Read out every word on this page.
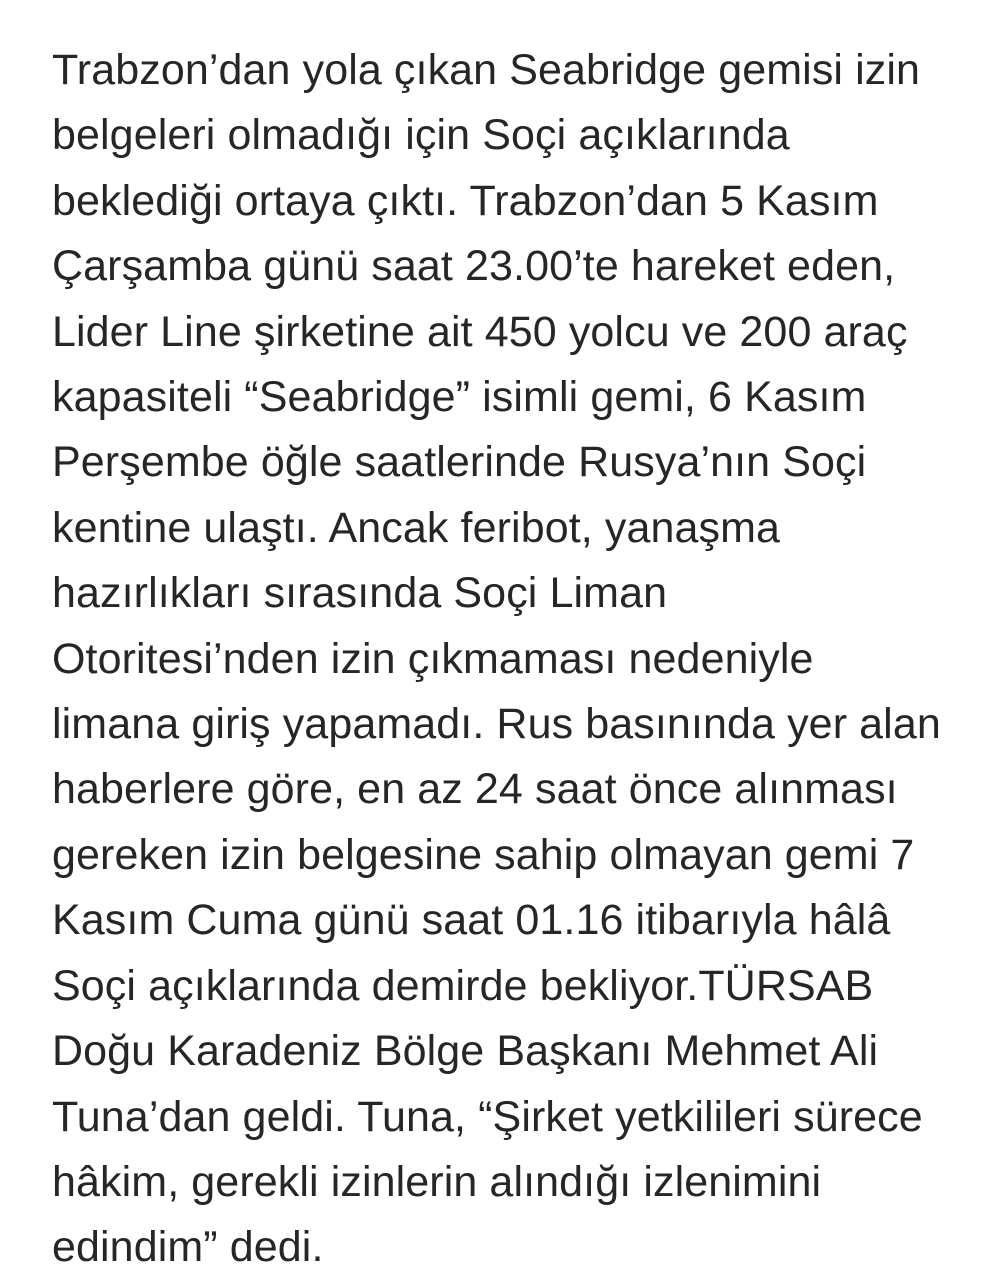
Trabzon’dan yola çıkan Seabridge gemisi izin
belgeleri olmadığı için Soçi açıklarında
beklediği ortaya çıktı. Trabzon’dan 5 Kasım
Çarşamba günü saat 23.00’te hareket eden,
Lider Line şirketine ait 450 yolcu ve 200 araç
kapasiteli “Seabridge” isimli gemi, 6 Kasım
Perşembe öğle saatlerinde Rusya’nın Soçi
kentine ulaştı. Ancak feribot, yanaşma
hazırlıkları sırasında Soçi Liman
Otoritesi’nden izin çıkmaması nedeniyle
limana giriş yapamadı. Rus basınında yer alan
haberlere göre, en az 24 saat önce alınması
gereken izin belgesine sahip olmayan gemi 7
Kasım Cuma günü saat 01.16 itibarıyla hâlâ
Soçi açıklarında demirde bekliyor.TÜRSAB
Doğu Karadeniz Bölge Başkanı Mehmet Ali
Tuna’dan geldi. Tuna, “Şirket yetkilileri sürece
hâkim, gerekli izinlerin alındığı izlenimini
edindim” dedi.
